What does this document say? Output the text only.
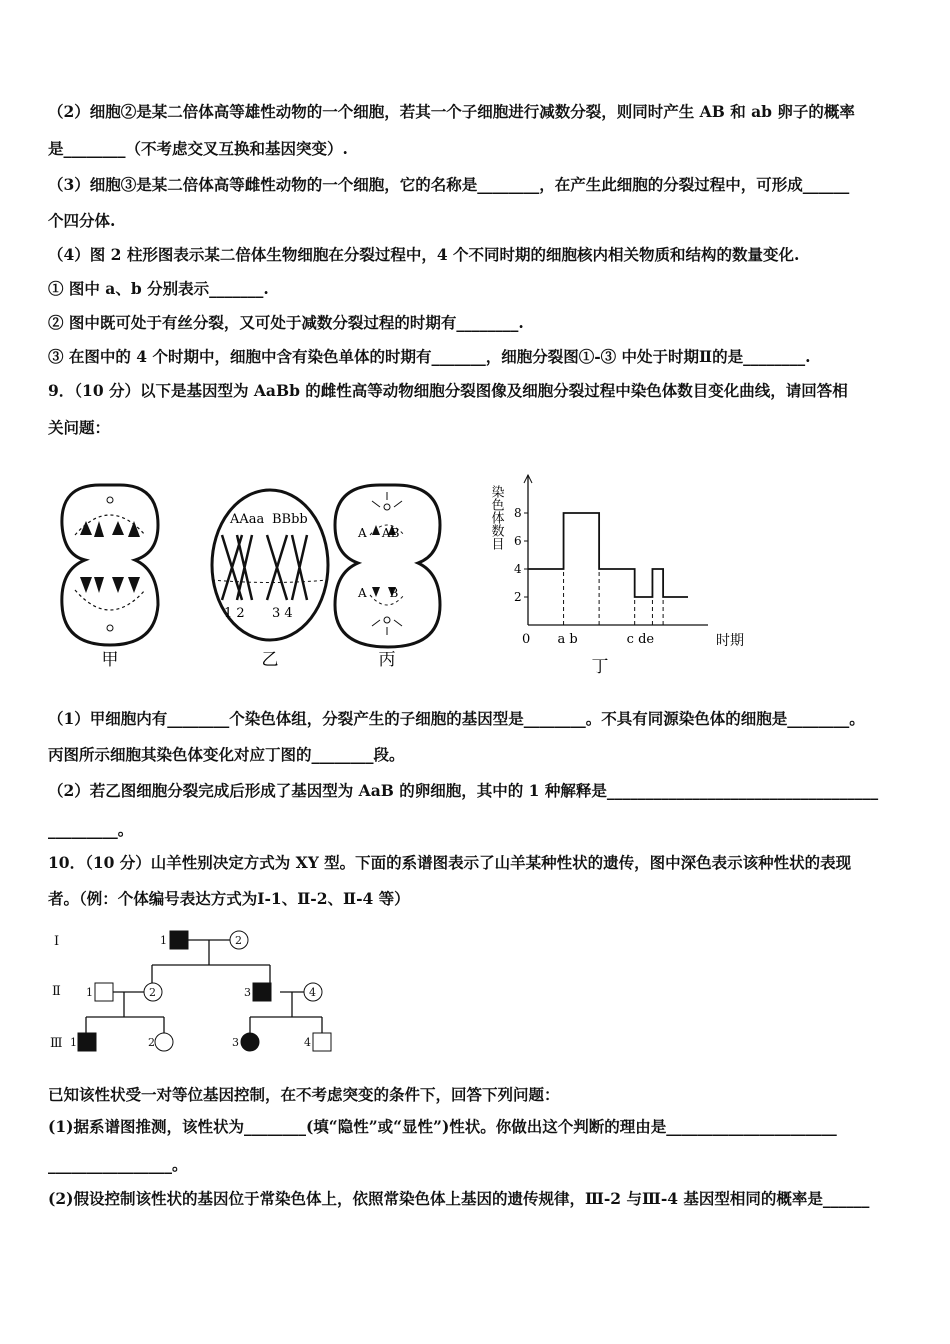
（2）细胞②是某二倍体高等雄性动物的一个细胞，若其一个子细胞进行减数分裂，则同时产生 AB 和 ab 卵子的概率
是________（不考虑交叉互换和基因突变）.
（3）细胞③是某二倍体高等雌性动物的一个细胞，它的名称是________，在产生此细胞的分裂过程中，可形成______
个四分体.
（4）图 2 柱形图表示某二倍体生物细胞在分裂过程中，4 个不同时期的细胞核内相关物质和结构的数量变化.
① 图中 a、b 分别表示_______.
② 图中既可处于有丝分裂，又可处于减数分裂过程的时期有________.
③ 在图中的 4 个时期中，细胞中含有染色单体的时期有_______，细胞分裂图①-③ 中处于时期Ⅱ的是________.
9．（10 分）以下是基因型为 AaBb 的雌性高等动物细胞分裂图像及细胞分裂过程中染色体数目变化曲线，请回答相
关问题：
2
4
6
8
染色体数目
0 a b	c de	时期
甲	乙	丙	丁
AAaa BBbb
1 2 3 4
A    AB
A      B
（1）甲细胞内有________个染色体组，分裂产生的子细胞的基因型是________。不具有同源染色体的细胞是________。
丙图所示细胞其染色体变化对应丁图的________段。
（2）若乙图细胞分裂完成后形成了基因型为 AaB 的卵细胞，其中的 1 种解释是___________________________________
_________。
10．（10 分）山羊性别决定方式为 XY 型。下面的系谱图表示了山羊某种性状的遗传，图中深色表示该种性状的表现
者。（例：个体编号表达方式为Ⅰ-1、Ⅱ-2、Ⅱ-4 等）
Ⅰ
Ⅱ
Ⅲ
1	2
1	2	3	4
1	2	3	4
已知该性状受一对等位基因控制，在不考虑突变的条件下，回答下列问题：
(1)据系谱图推测，该性状为________(填“隐性”或“显性”)性状。你做出这个判断的理由是______________________
________________。
(2)假设控制该性状的基因位于常染色体上，依照常染色体上基因的遗传规律，Ⅲ-2 与Ⅲ-4 基因型相同的概率是______
